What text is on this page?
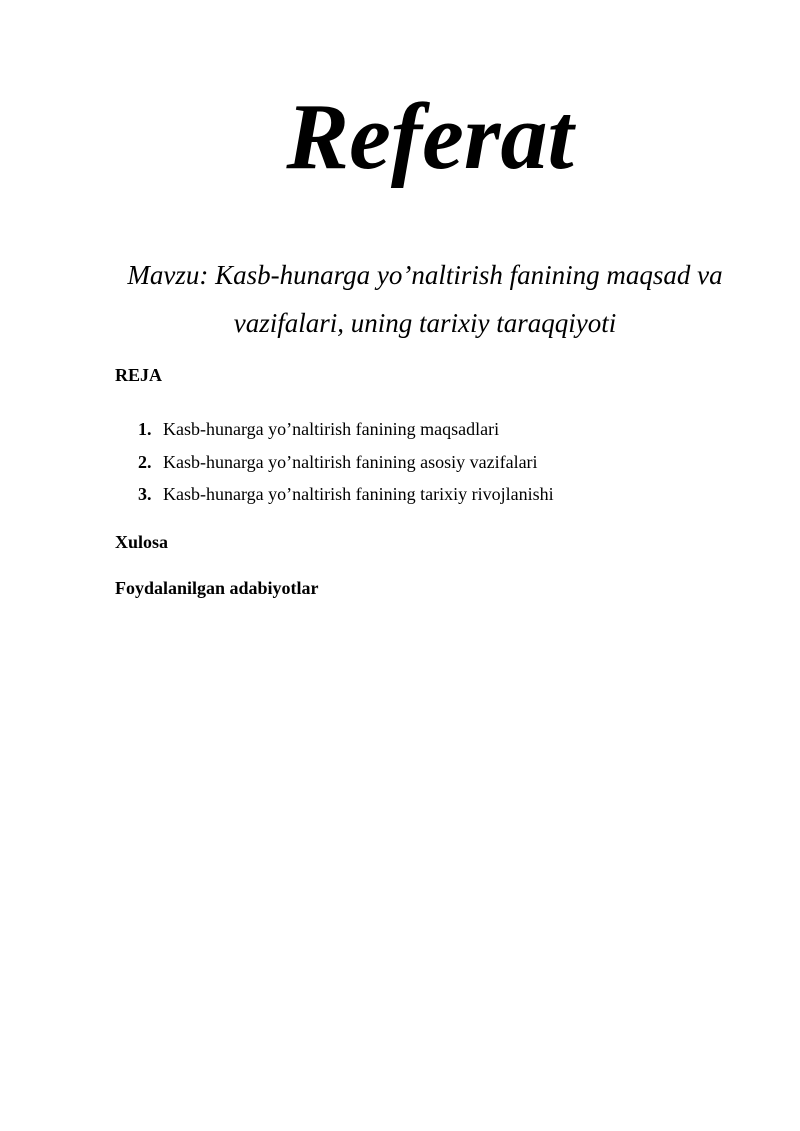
Referat

Mavzu: Kasb-hunarga yo’naltirish fanining maqsad va vazifalari, uning tarixiy taraqqiyoti

REJA

1. Kasb-hunarga yo’naltirish fanining maqsadlari
2. Kasb-hunarga yo’naltirish fanining asosiy vazifalari
3. Kasb-hunarga yo’naltirish fanining tarixiy rivojlanishi

Xulosa

Foydalanilgan adabiyotlar
